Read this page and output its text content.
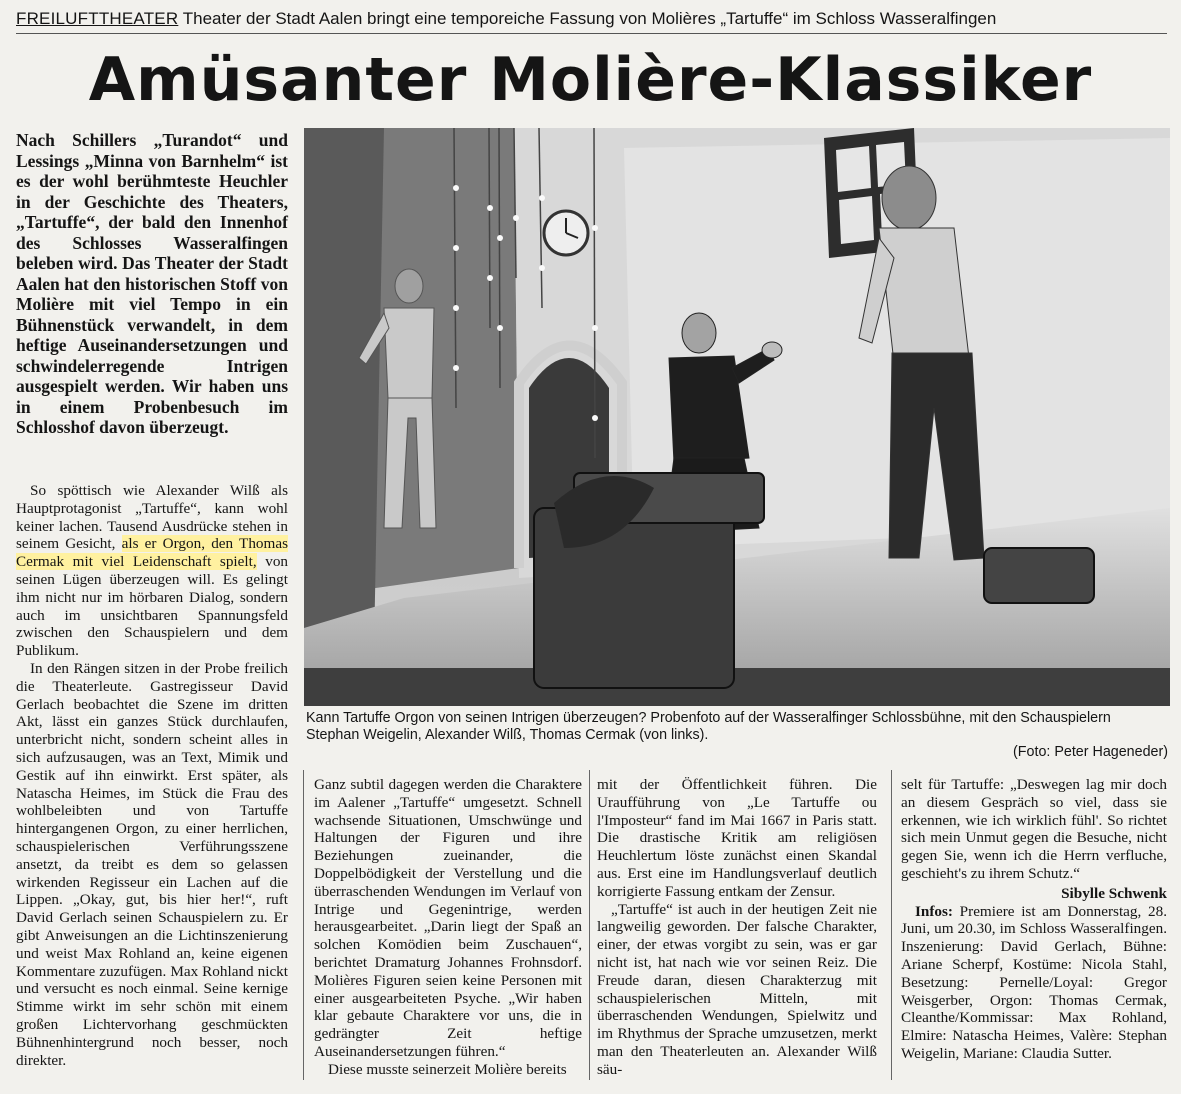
FREILUFTTHEATER Theater der Stadt Aalen bringt eine temporeiche Fassung von Molières „Tartuffe“ im Schloss Wasseralfingen
Amüsanter Molière-Klassiker
Nach Schillers „Turandot“ und Lessings „Minna von Barnhelm“ ist es der wohl berühmteste Heuchler in der Geschichte des Theaters, „Tartuffe“, der bald den Innenhof des Schlosses Wasseralfingen beleben wird. Das Theater der Stadt Aalen hat den historischen Stoff von Molière mit viel Tempo in ein Bühnenstück verwandelt, in dem heftige Auseinandersetzungen und schwindelerregende Intrigen ausgespielt werden. Wir haben uns in einem Probenbesuch im Schlosshof davon überzeugt.

So spöttisch wie Alexander Wilß als Hauptprotagonist „Tartuffe“, kann wohl keiner lachen. Tausend Ausdrücke stehen in seinem Gesicht, als er Orgon, den Thomas Cermak mit viel Leidenschaft spielt, von seinen Lügen überzeugen will. Es gelingt ihm nicht nur im hörbaren Dialog, sondern auch im unsichtbaren Spannungsfeld zwischen den Schauspielern und dem Publikum.

In den Rängen sitzen in der Probe freilich die Theaterleute. Gastregisseur David Gerlach beobachtet die Szene im dritten Akt, lässt ein ganzes Stück durchlaufen, unterbricht nicht, sondern scheint alles in sich aufzusaugen, was an Text, Mimik und Gestik auf ihn einwirkt. Erst später, als Natascha Heimes, im Stück die Frau des wohlbeleibten und von Tartuffe hintergangenen Orgon, zu einer herrlichen, schauspielerischen Verführungsszene ansetzt, da treibt es dem so gelassen wirkenden Regisseur ein Lachen auf die Lippen. „Okay, gut, bis hier her!“, ruft David Gerlach seinen Schauspielern zu. Er gibt Anweisungen an die Lichtinszenierung und weist Max Rohland an, keine eigenen Kommentare zuzufügen. Max Rohland nickt und versucht es noch einmal. Seine kernige Stimme wirkt im sehr schön mit einem großen Lichtervorhang geschmückten Bühnenhintergrund noch besser, noch direkter.

Kann Tartuffe Orgon von seinen Intrigen überzeugen? Probenfoto auf der Wasseralfinger Schlossbühne, mit den Schauspielern Stephan Weigelin, Alexander Wilß, Thomas Cermak (von links).
(Foto: Peter Hageneder)

Ganz subtil dagegen werden die Charaktere im Aalener „Tartuffe“ umgesetzt. Schnell wachsende Situationen, Umschwünge und Haltungen der Figuren und ihre Beziehungen zueinander, die Doppelbödigkeit der Verstellung und die überraschenden Wendungen im Verlauf von Intrige und Gegenintrige, werden herausgearbeitet. „Darin liegt der Spaß an solchen Komödien beim Zuschauen“, berichtet Dramaturg Johannes Frohnsdorf. Molières Figuren seien keine Personen mit einer ausgearbeiteten Psyche. „Wir haben klar gebaute Charaktere vor uns, die in gedrängter Zeit heftige Auseinandersetzungen führen.“

Diese musste seinerzeit Molière bereits

mit der Öffentlichkeit führen. Die Uraufführung von „Le Tartuffe ou l'Imposteur“ fand im Mai 1667 in Paris statt. Die drastische Kritik am religiösen Heuchlertum löste zunächst einen Skandal aus. Erst eine im Handlungsverlauf deutlich korrigierte Fassung entkam der Zensur.

„Tartuffe“ ist auch in der heutigen Zeit nie langweilig geworden. Der falsche Charakter, einer, der etwas vorgibt zu sein, was er gar nicht ist, hat nach wie vor seinen Reiz. Die Freude daran, diesen Charakterzug mit schauspielerischen Mitteln, mit überraschenden Wendungen, Spielwitz und im Rhythmus der Sprache umzusetzen, merkt man den Theaterleuten an. Alexander Wilß säu-

selt für Tartuffe: „Deswegen lag mir doch an diesem Gespräch so viel, dass sie erkennen, wie ich wirklich fühl'. So richtet sich mein Unmut gegen die Besuche, nicht gegen Sie, wenn ich die Herrn verfluche, geschieht's zu ihrem Schutz.“

Sibylle Schwenk

Infos: Premiere ist am Donnerstag, 28. Juni, um 20.30, im Schloss Wasseralfingen. Inszenierung: David Gerlach, Bühne: Ariane Scherpf, Kostüme: Nicola Stahl, Besetzung: Pernelle/Loyal: Gregor Weisgerber, Orgon: Thomas Cermak, Cleanthe/Kommissar: Max Rohland, Elmire: Natascha Heimes, Valère: Stephan Weigelin, Mariane: Claudia Sutter.
